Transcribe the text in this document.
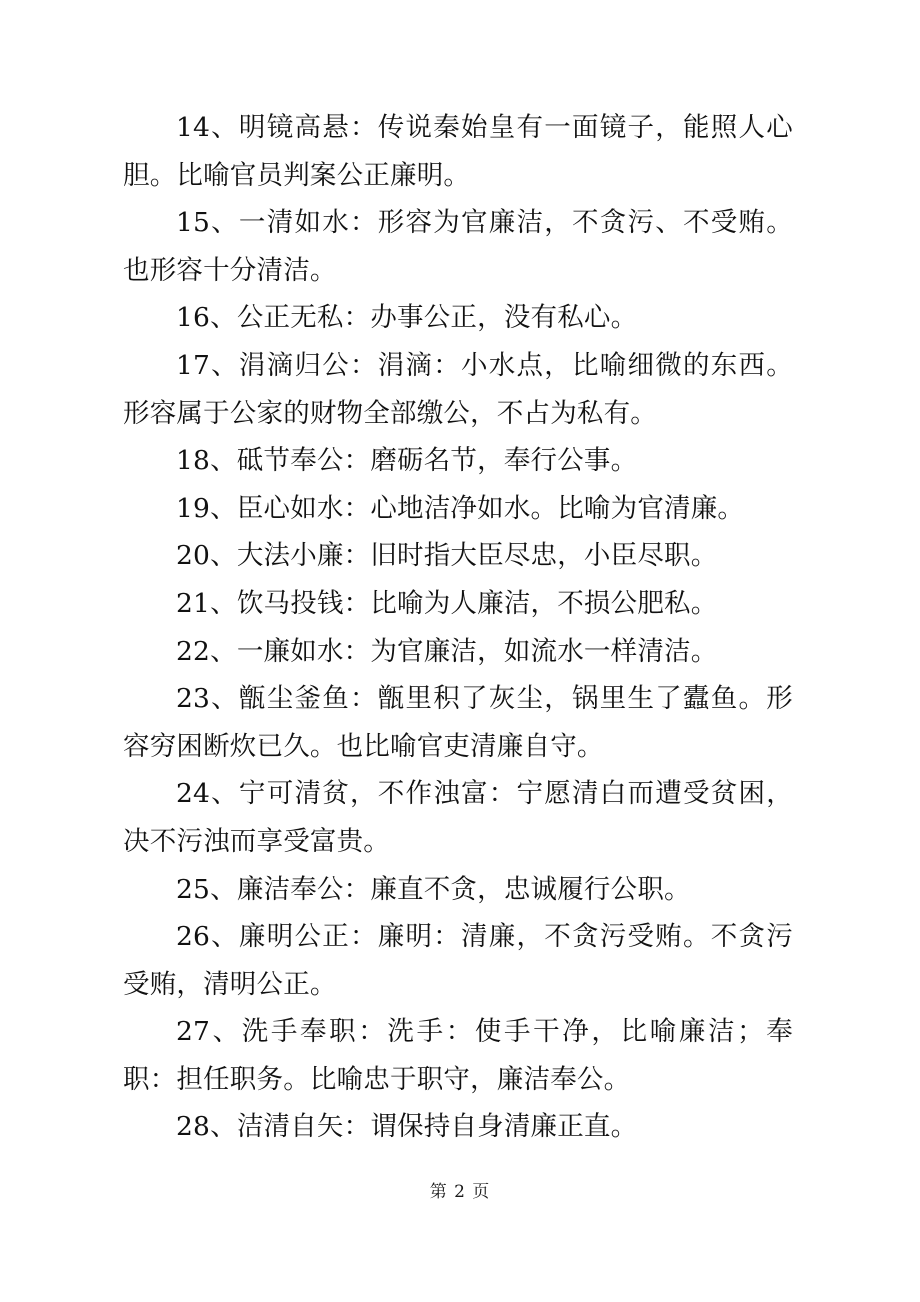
14、明镜高悬：传说秦始皇有一面镜子，能照人心胆。比喻官员判案公正廉明。

15、一清如水：形容为官廉洁，不贪污、不受贿。也形容十分清洁。

16、公正无私：办事公正，没有私心。

17、涓滴归公：涓滴：小水点，比喻细微的东西。形容属于公家的财物全部缴公，不占为私有。

18、砥节奉公：磨砺名节，奉行公事。

19、臣心如水：心地洁净如水。比喻为官清廉。

20、大法小廉：旧时指大臣尽忠，小臣尽职。

21、饮马投钱：比喻为人廉洁，不损公肥私。

22、一廉如水：为官廉洁，如流水一样清洁。

23、甑尘釜鱼：甑里积了灰尘，锅里生了蠹鱼。形容穷困断炊已久。也比喻官吏清廉自守。

24、宁可清贫，不作浊富：宁愿清白而遭受贫困，决不污浊而享受富贵。

25、廉洁奉公：廉直不贪，忠诚履行公职。

26、廉明公正：廉明：清廉，不贪污受贿。不贪污受贿，清明公正。

27、洗手奉职：洗手：使手干净，比喻廉洁；奉职：担任职务。比喻忠于职守，廉洁奉公。

28、洁清自矢：谓保持自身清廉正直。

第 2 页
